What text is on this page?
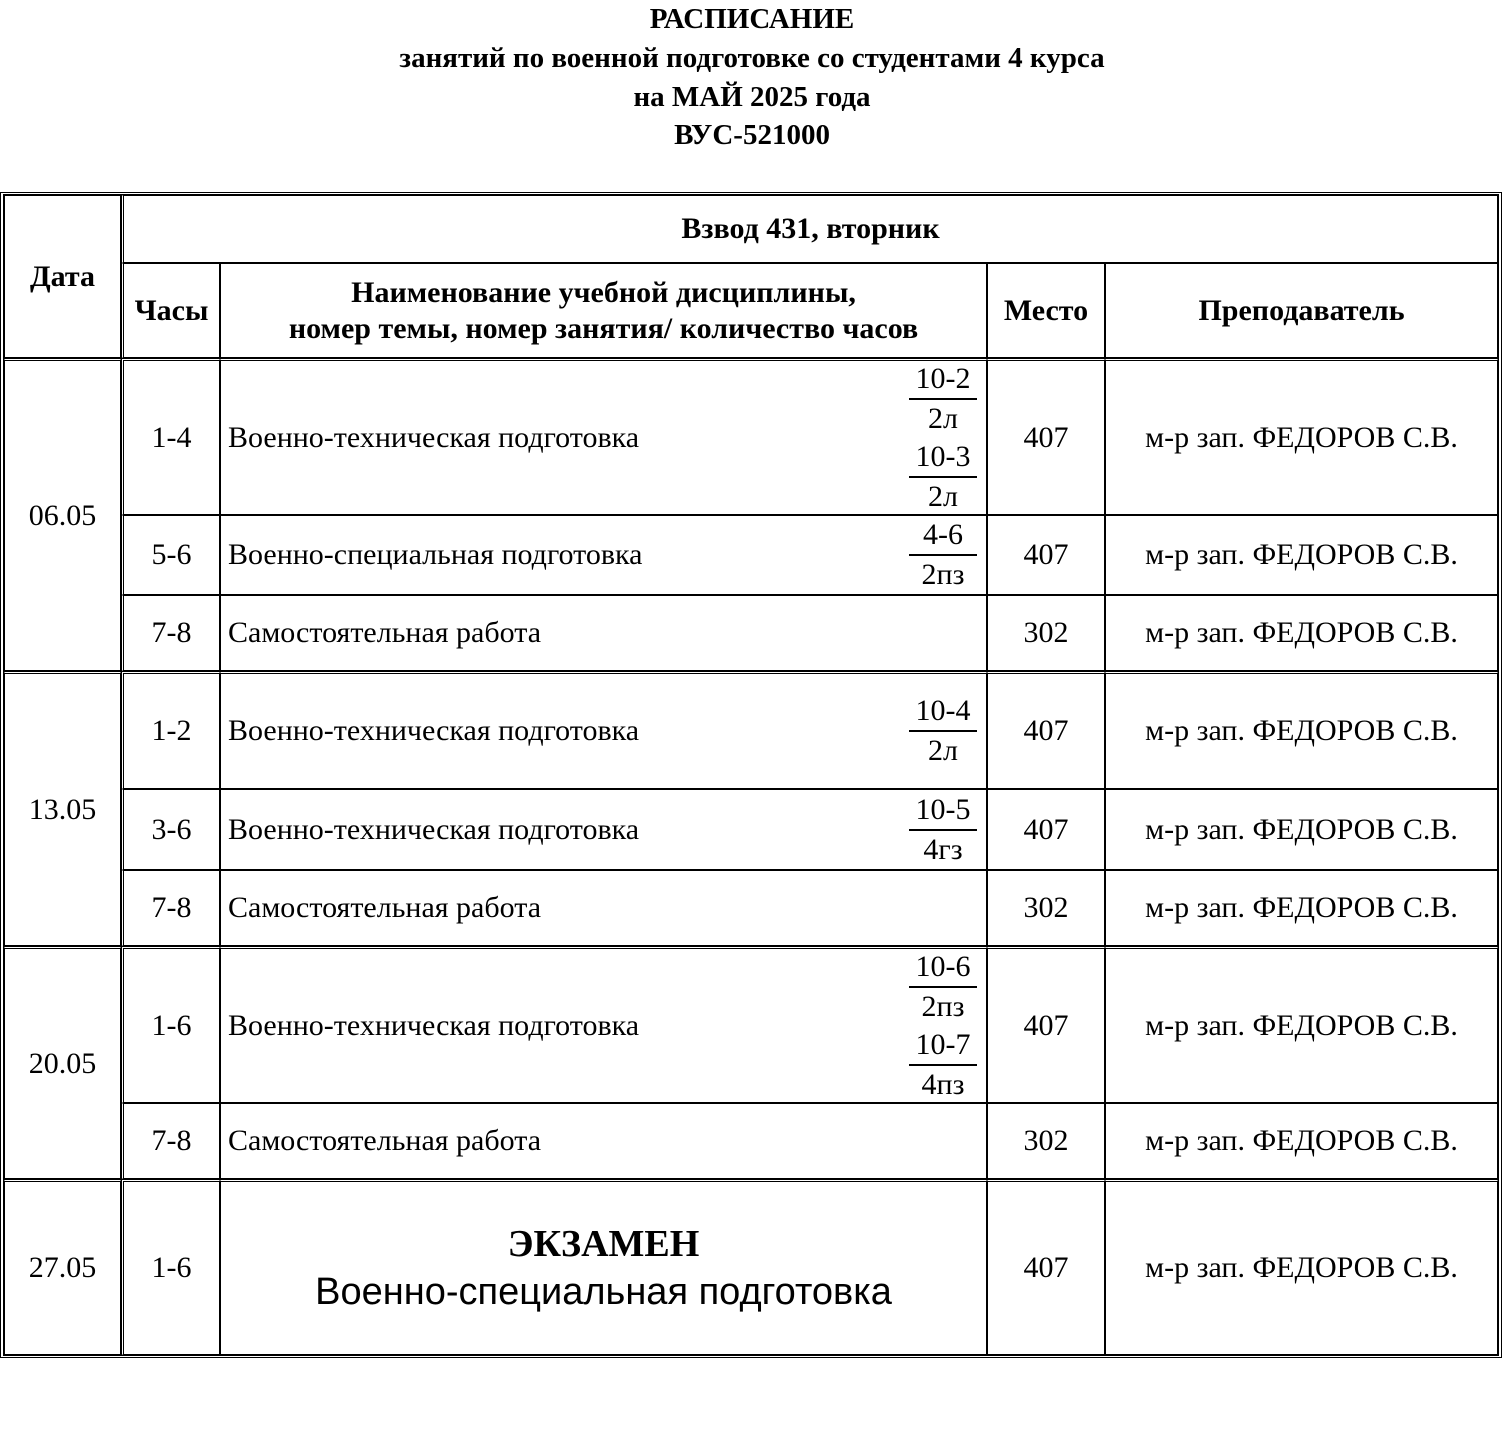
РАСПИСАНИЕ
занятий по военной подготовке со студентами 4 курса
на МАЙ 2025 года
ВУС-521000
Дата	Взвод 431, вторник			
	Часы	Наименование учебной дисциплины,
номер темы, номер занятия/ количество часов	Место	Преподаватель
06.05	1-4	Военно-техническая подготовка
10-2
2л
10-3
2л	407	м-р зап. ФЕДОРОВ С.В.
	5-6	Военно-специальная подготовка
4-6
2пз	407	м-р зап. ФЕДОРОВ С.В.
	7-8	Самостоятельная работа	302	м-р зап. ФЕДОРОВ С.В.
13.05	1-2	Военно-техническая подготовка
10-4
2л	407	м-р зап. ФЕДОРОВ С.В.
	3-6	Военно-техническая подготовка
10-5
4гз	407	м-р зап. ФЕДОРОВ С.В.
	7-8	Самостоятельная работа	302	м-р зап. ФЕДОРОВ С.В.
20.05	1-6	Военно-техническая подготовка
10-6
2пз
10-7
4пз	407	м-р зап. ФЕДОРОВ С.В.
	7-8	Самостоятельная работа	302	м-р зап. ФЕДОРОВ С.В.
27.05	1-6	ЭКЗАМЕН
Военно-специальная подготовка	407	м-р зап. ФЕДОРОВ С.В.
